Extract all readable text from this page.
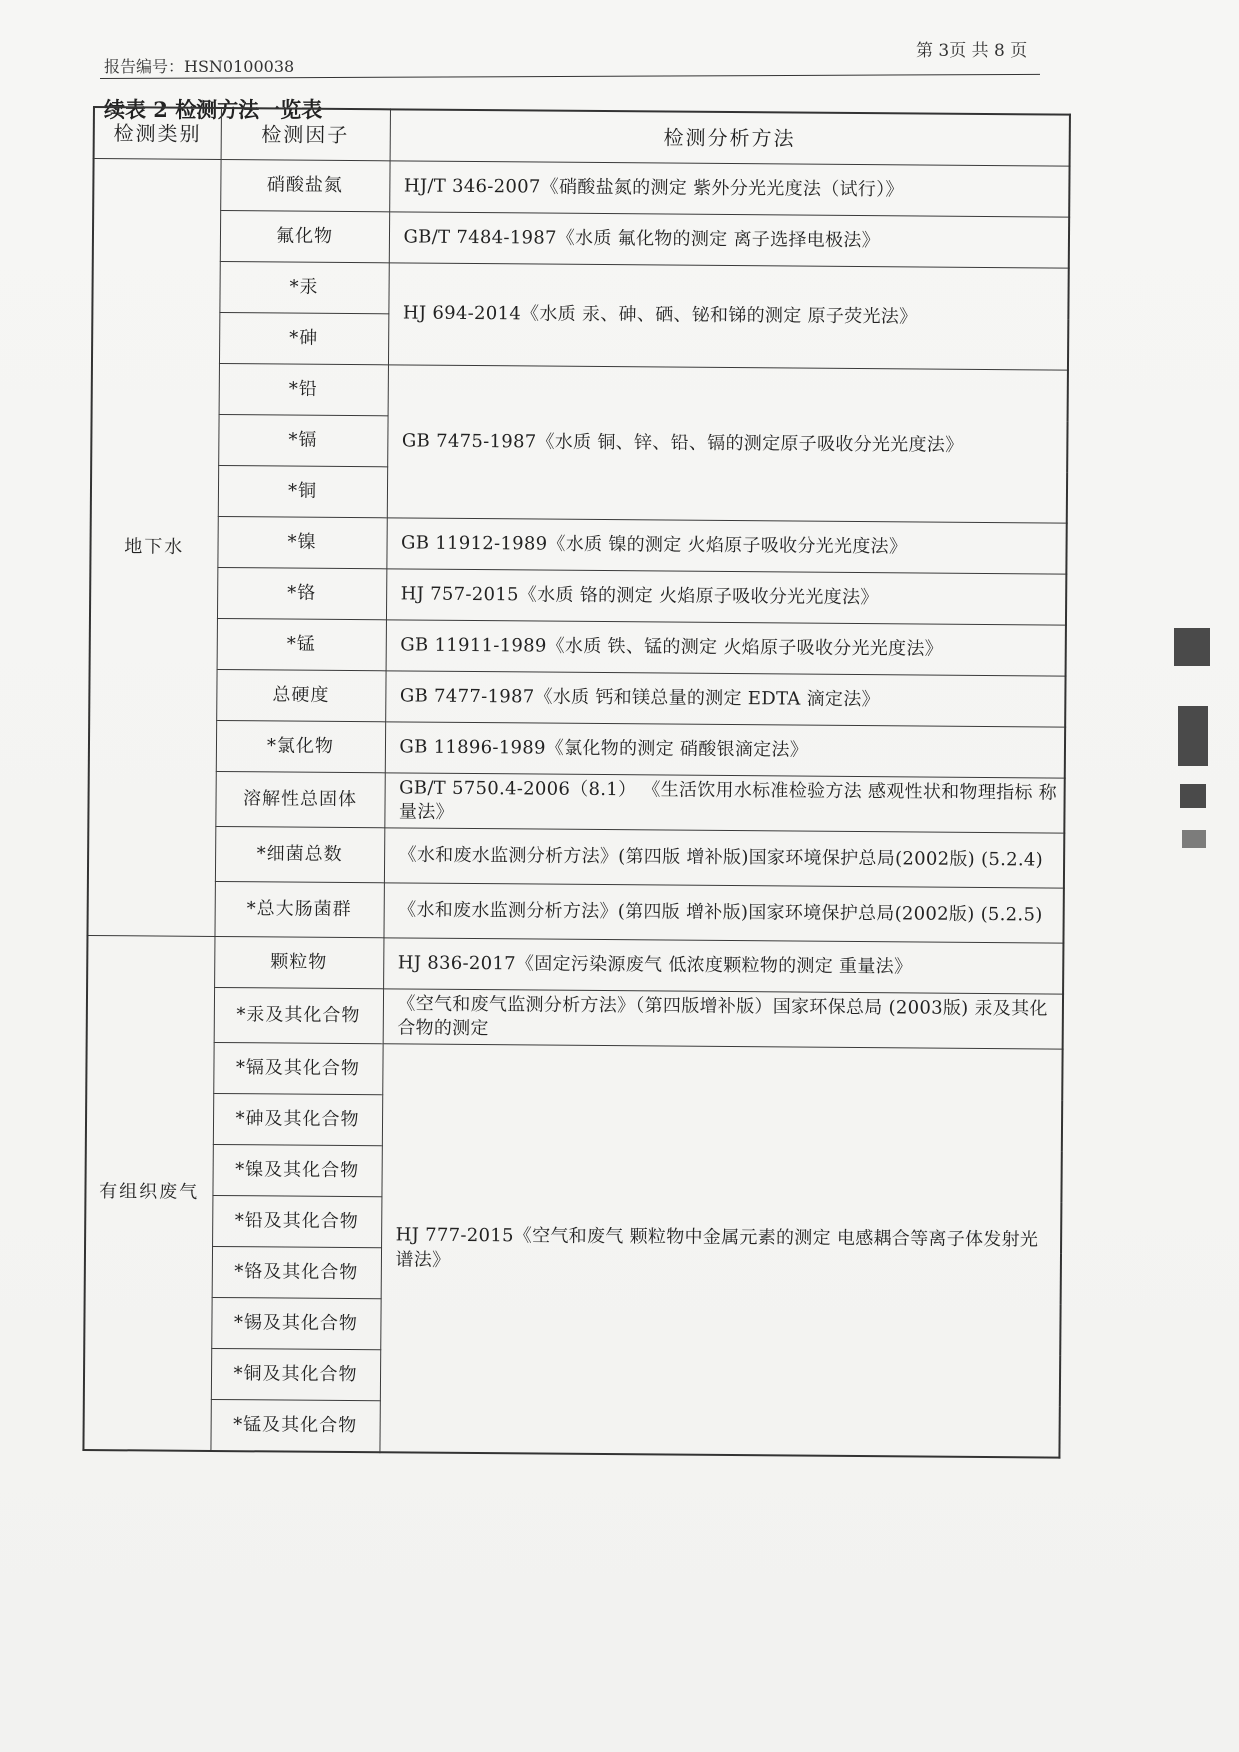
第 3页 共 8 页
报告编号：HSN0100038
续表 2 检测方法一览表
检测类别	检测因子	检测分析方法
地下水	硝酸盐氮	HJ/T 346-2007《硝酸盐氮的测定 紫外分光光度法（试行）》
	氟化物	GB/T 7484-1987《水质 氟化物的测定 离子选择电极法》
	*汞	HJ 694-2014《水质 汞、砷、硒、铋和锑的测定 原子荧光法》
	*砷	
	*铅	GB 7475-1987《水质 铜、锌、铅、镉的测定原子吸收分光光度法》
	*镉	
	*铜	
	*镍	GB 11912-1989《水质 镍的测定 火焰原子吸收分光光度法》
	*铬	HJ 757-2015《水质 铬的测定 火焰原子吸收分光光度法》
	*锰	GB 11911-1989《水质 铁、锰的测定 火焰原子吸收分光光度法》
	总硬度	GB 7477-1987《水质 钙和镁总量的测定 EDTA 滴定法》
	*氯化物	GB 11896-1989《氯化物的测定 硝酸银滴定法》
	溶解性总固体	GB/T 5750.4-2006（8.1） 《生活饮用水标准检验方法 感观性状和物理指标 称量法》
	*细菌总数	《水和废水监测分析方法》(第四版 增补版)国家环境保护总局(2002版) (5.2.4)
	*总大肠菌群	《水和废水监测分析方法》(第四版 增补版)国家环境保护总局(2002版) (5.2.5)
有组织废气	颗粒物	HJ 836-2017《固定污染源废气 低浓度颗粒物的测定 重量法》
	*汞及其化合物	《空气和废气监测分析方法》（第四版增补版）国家环保总局 (2003版) 汞及其化合物的测定
	*镉及其化合物	HJ 777-2015《空气和废气 颗粒物中金属元素的测定 电感耦合等离子体发射光谱法》
	*砷及其化合物	
	*镍及其化合物	
	*铅及其化合物	
	*铬及其化合物	
	*锡及其化合物	
	*铜及其化合物	
	*锰及其化合物	
